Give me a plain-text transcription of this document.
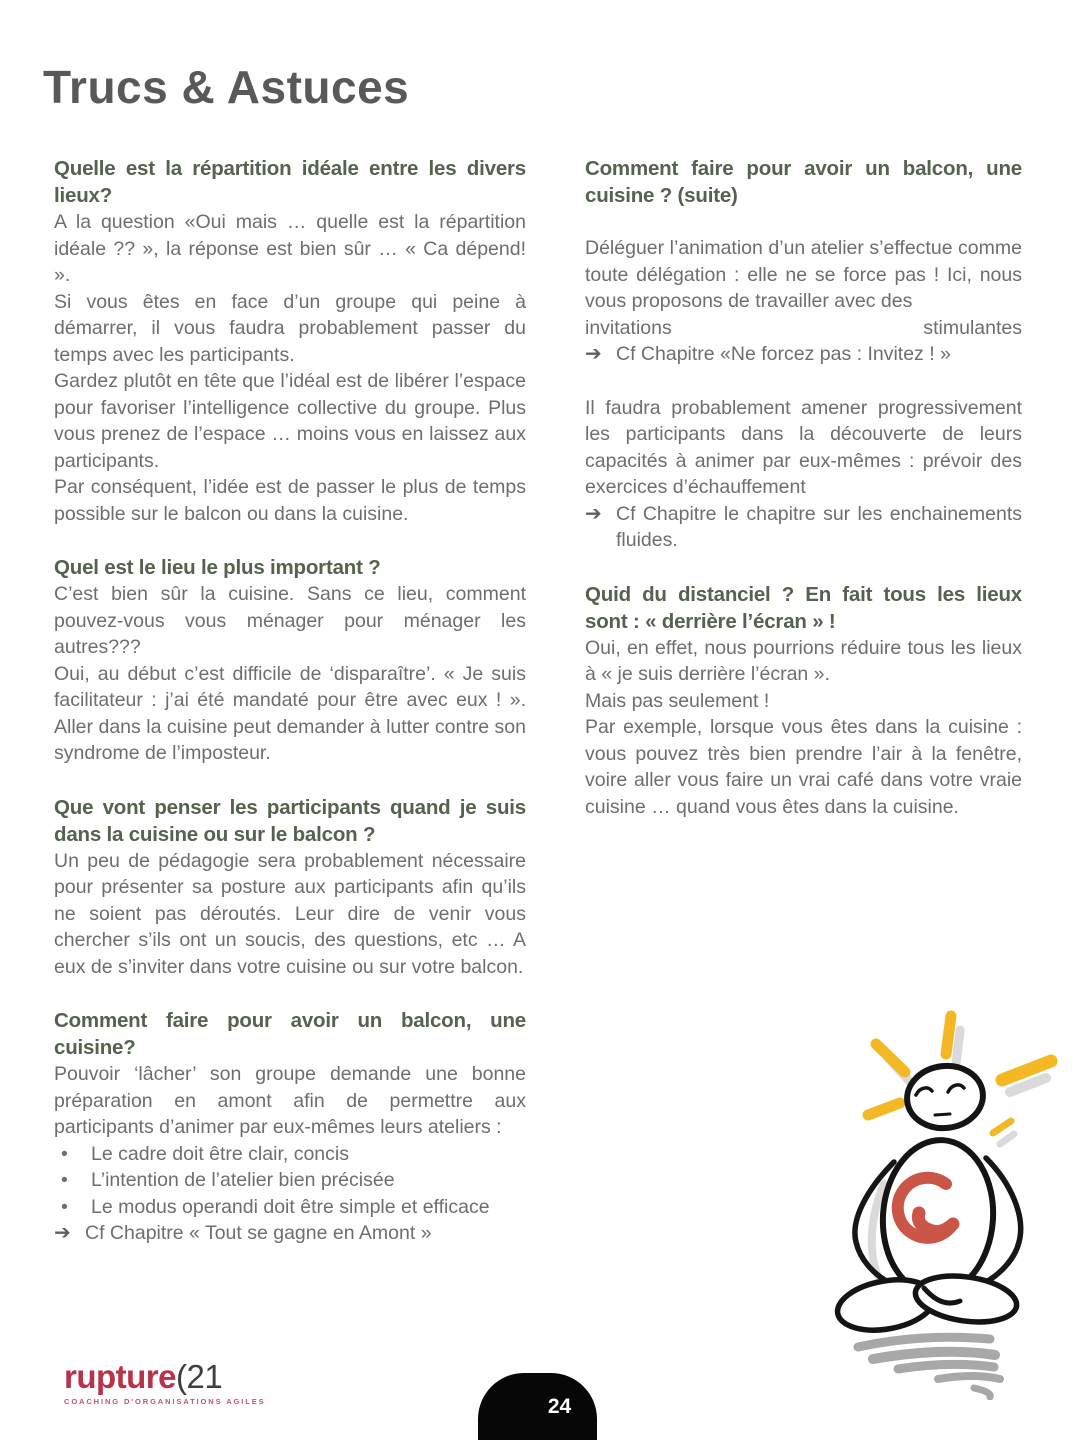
Trucs & Astuces
Quelle est la répartition idéale entre les divers lieux?

A la question «Oui mais … quelle est la répartition idéale ?? », la réponse est bien sûr … « Ca dépend! ».

Si vous êtes en face d’un groupe qui peine à démarrer, il vous faudra probablement passer du temps avec les participants.

Gardez plutôt en tête que l’idéal est de libérer l’espace pour favoriser l’intelligence collective du groupe. Plus vous prenez de l’espace … moins vous en laissez aux participants.

Par conséquent, l’idée est de passer le plus de temps possible sur le balcon ou dans la cuisine.

Quel est le lieu le plus important ?

C’est bien sûr la cuisine. Sans ce lieu, comment pouvez-vous vous ménager pour ménager les autres???

Oui, au début c’est difficile de ‘disparaître’. « Je suis facilitateur : j’ai été mandaté pour être avec eux ! ». Aller dans la cuisine peut demander à lutter contre son syndrome de l’imposteur.

Que vont penser les participants quand je suis dans la cuisine ou sur le balcon ?

Un peu de pédagogie sera probablement nécessaire pour présenter sa posture aux participants afin qu’ils ne soient pas déroutés. Leur dire de venir vous chercher s’ils ont un soucis, des questions, etc … A eux de s’inviter dans votre cuisine ou sur votre balcon.

Comment faire pour avoir un balcon, une cuisine?

Pouvoir ‘lâcher’ son groupe demande une bonne préparation en amont afin de permettre aux participants d’animer par eux-mêmes leurs ateliers :

•	Le cadre doit être clair, concis
•	L’intention de l’atelier bien précisée
•	Le modus operandi doit être simple et efficace
➔ Cf Chapitre « Tout se gagne en Amont »
Comment faire pour avoir un balcon, une cuisine ? (suite)

Déléguer l’animation d’un atelier s’effectue comme toute délégation : elle ne se force pas ! Ici, nous vous proposons de travailler avec des

invitations	stimulantes
➔ Cf Chapitre «Ne forcez pas : Invitez ! »

Il faudra probablement amener progressivement les participants dans la découverte de leurs capacités à animer par eux-mêmes : prévoir des exercices d’échauffement

➔ Cf Chapitre le chapitre sur les enchainements fluides.
Quid du distanciel ? En fait tous les lieux sont : « derrière l’écran » !

Oui, en effet, nous pourrions réduire tous les lieux à « je suis derrière l’écran ».

Mais pas seulement !

Par exemple, lorsque vous êtes dans la cuisine : vous pouvez très bien prendre l’air à la fenêtre, voire aller vous faire un vrai café dans votre vraie cuisine … quand vous êtes dans la cuisine.

rupture(21
COACHING D'ORGANISATIONS AGILES	24
